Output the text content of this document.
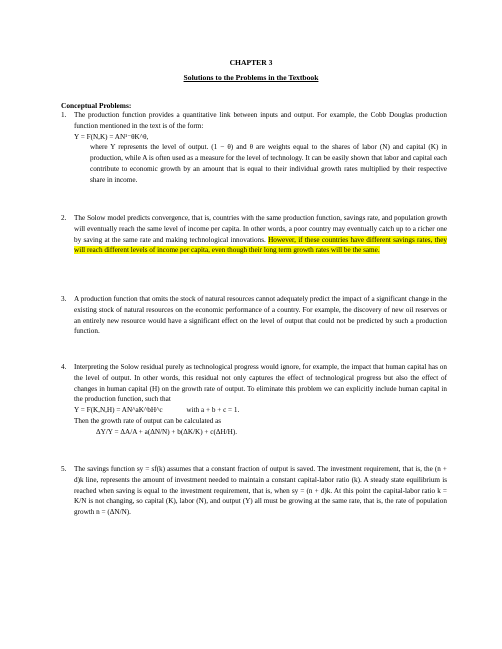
CHAPTER 3
Solutions to the Problems in the Textbook
Conceptual Problems:
1. The production function provides a quantitative link between inputs and output. For example, the Cobb Douglas production function mentioned in the text is of the form:

Y = F(N,K) = AN¹⁻θK^θ,

where Y represents the level of output. (1 − θ) and θ are weights equal to the shares of labor (N) and capital (K) in production, while A is often used as a measure for the level of technology. It can be easily shown that labor and capital each contribute to economic growth by an amount that is equal to their individual growth rates multiplied by their respective share in income.

2. The Solow model predicts convergence, that is, countries with the same production function, savings rate, and population growth will eventually reach the same level of income per capita. In other words, a poor country may eventually catch up to a richer one by saving at the same rate and making technological innovations. However, if these countries have different savings rates, they will reach different levels of income per capita, even though their long term growth rates will be the same.

3. A production function that omits the stock of natural resources cannot adequately predict the impact of a significant change in the existing stock of natural resources on the economic performance of a country. For example, the discovery of new oil reserves or an entirely new resource would have a significant effect on the level of output that could not be predicted by such a production function.

4. Interpreting the Solow residual purely as technological progress would ignore, for example, the impact that human capital has on the level of output. In other words, this residual not only captures the effect of technological progress but also the effect of changes in human capital (H) on the growth rate of output. To eliminate this problem we can explicitly include human capital in the production function, such that

Y = F(K,N,H) = AN^aK^bH^c	with a + b + c = 1.

Then the growth rate of output can be calculated as

ΔY/Y = ΔA/A + a(ΔN/N) + b(ΔK/K) + c(ΔH/H).

5. The savings function sy = sf(k) assumes that a constant fraction of output is saved. The investment requirement, that is, the (n + d)k line, represents the amount of investment needed to maintain a constant capital-labor ratio (k). A steady state equilibrium is reached when saving is equal to the investment requirement, that is, when sy = (n + d)k. At this point the capital-labor ratio k = K/N is not changing, so capital (K), labor (N), and output (Y) all must be growing at the same rate, that is, the rate of population growth n = (ΔN/N).
